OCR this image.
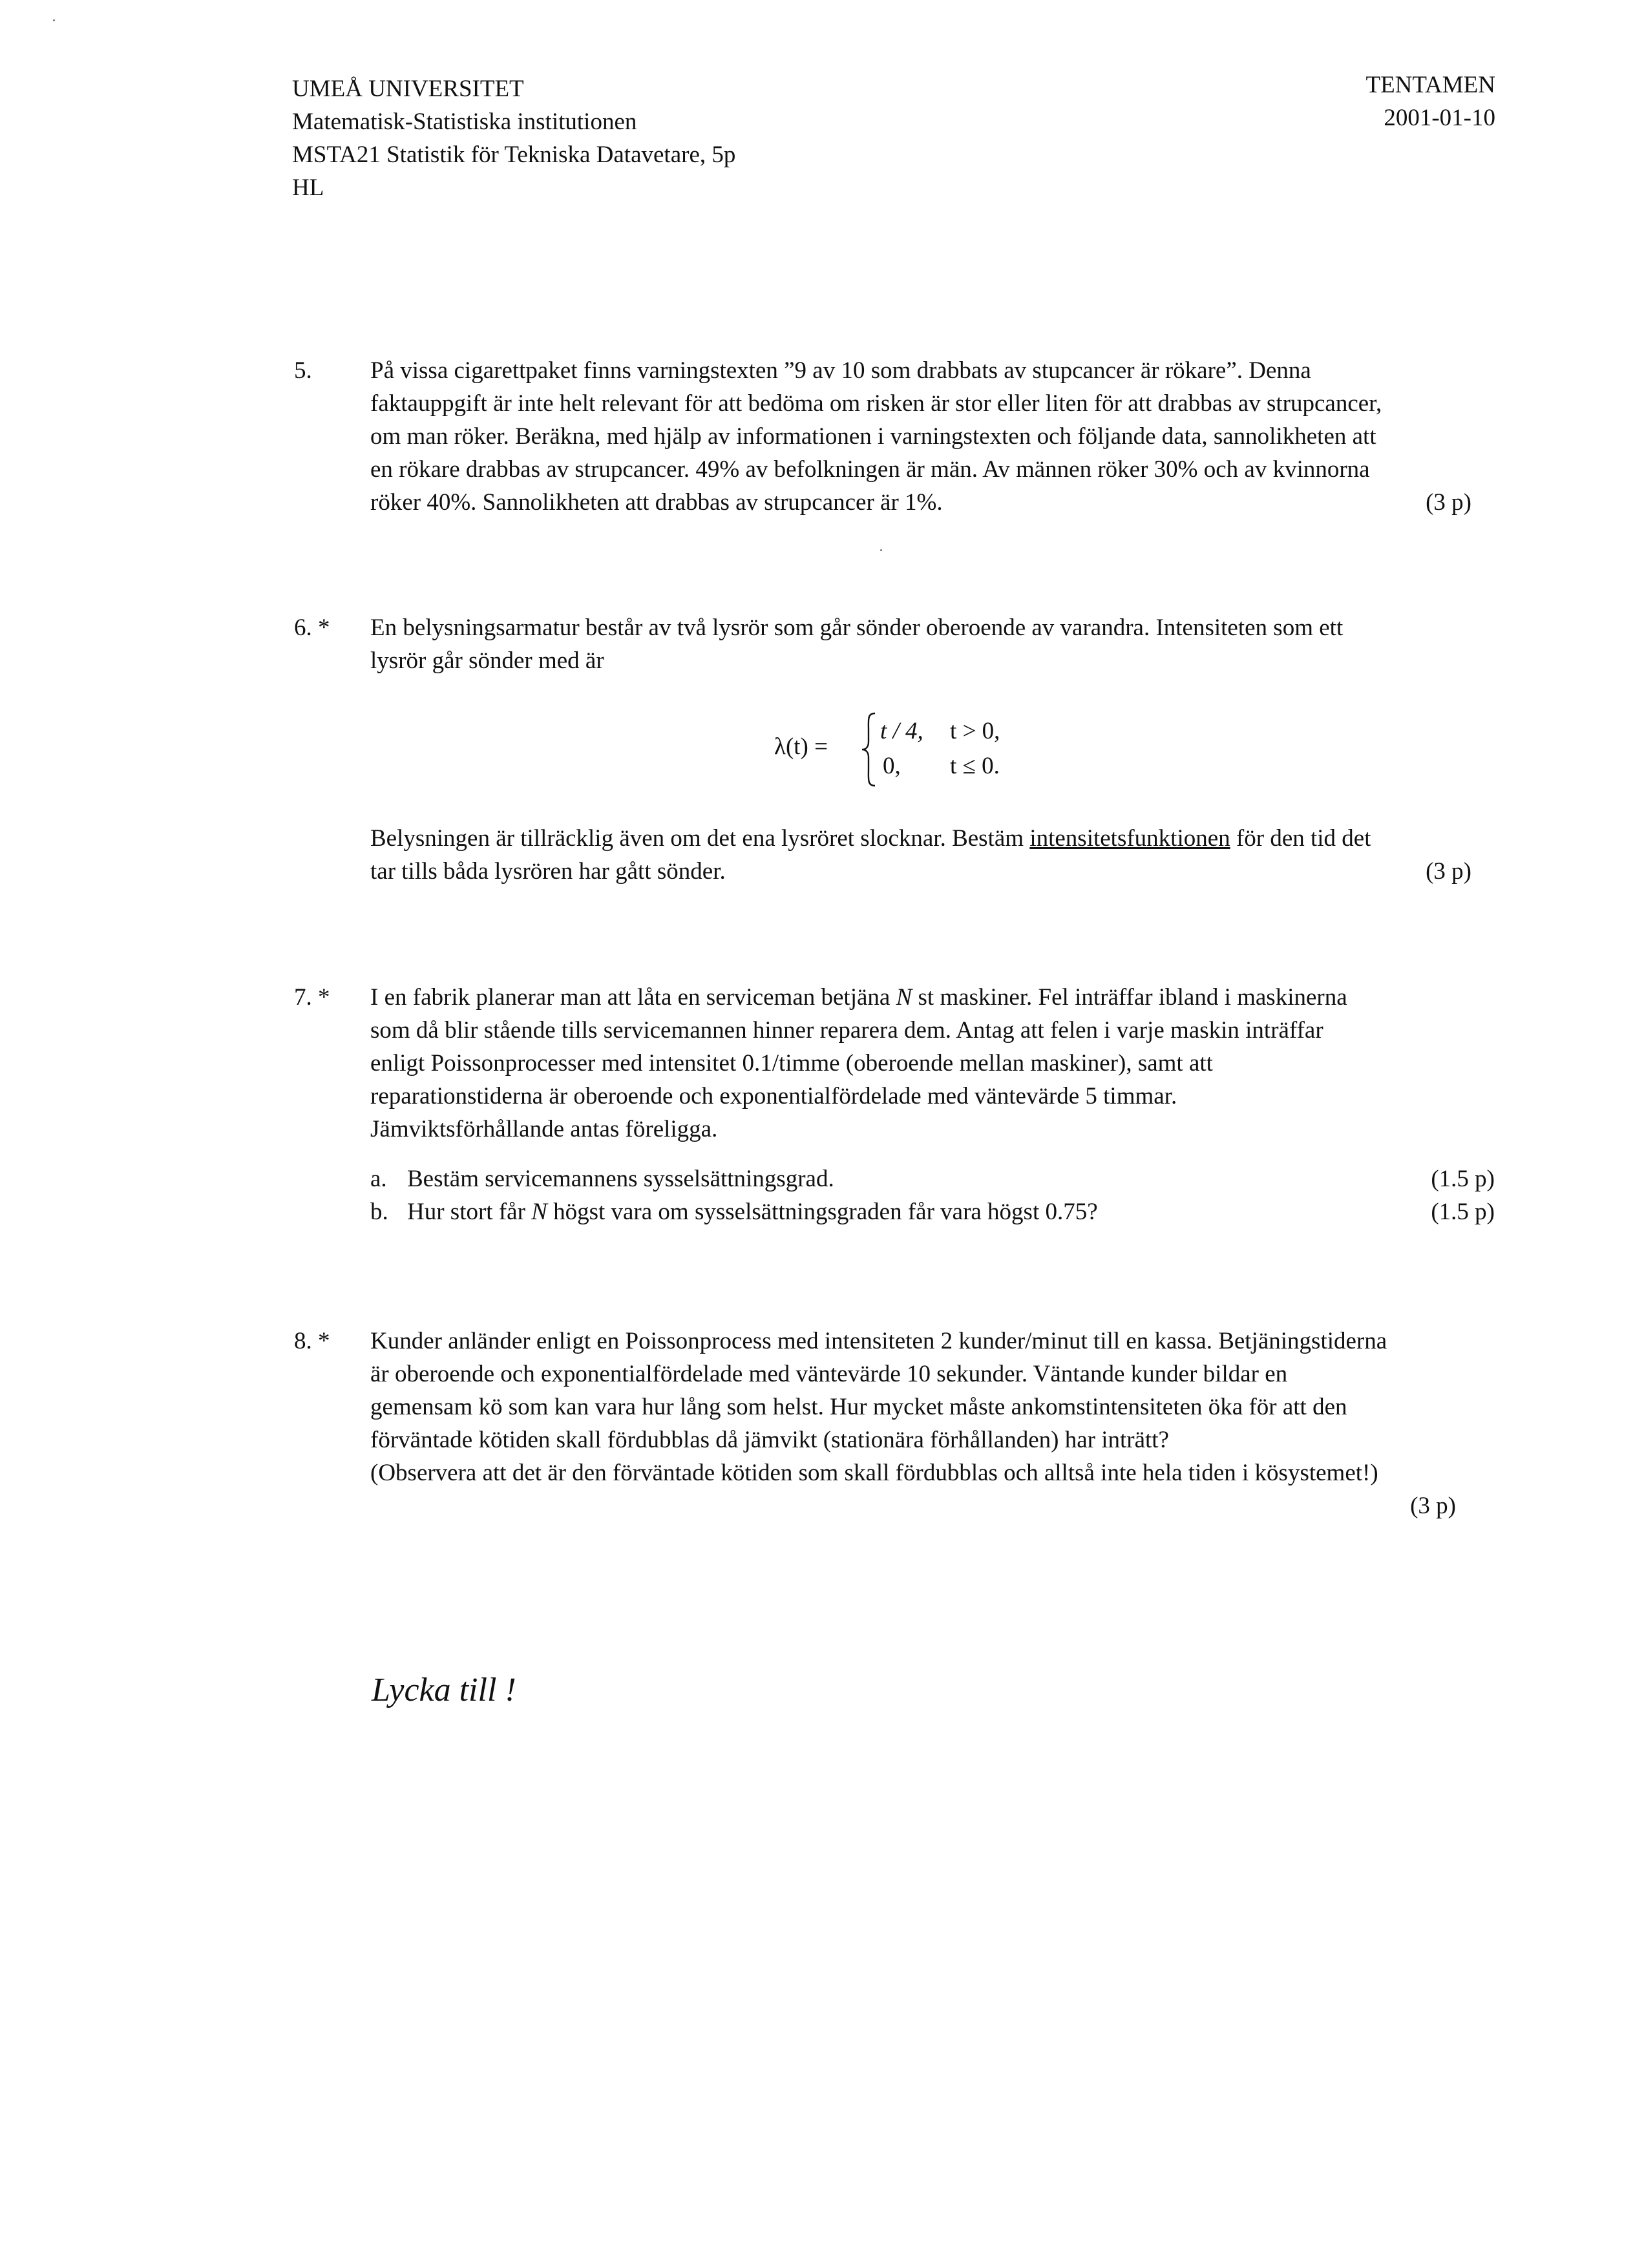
UMEÅ UNIVERSITET
Matematisk-Statistiska institutionen
MSTA21 Statistik för Tekniska Datavetare, 5p
HL
TENTAMEN
2001-01-10
5. På vissa cigarettpaket finns varningstexten ”9 av 10 som drabbats av stupcancer är rökare”. Denna
faktauppgift är inte helt relevant för att bedöma om risken är stor eller liten för att drabbas av strupcancer,
om man röker. Beräkna, med hjälp av informationen i varningstexten och följande data, sannolikheten att
en rökare drabbas av strupcancer. 49% av befolkningen är män. Av männen röker 30% och av kvinnorna
röker 40%. Sannolikheten att drabbas av strupcancer är 1%.	(3 p)
6. * En belysningsarmatur består av två lysrör som går sönder oberoende av varandra. Intensiteten som ett
lysrör går sönder med är
λ(t) =
t / 4, t > 0,
0, t ≤ 0.
Belysningen är tillräcklig även om det ena lysröret slocknar. Bestäm intensitetsfunktionen för den tid det
tar tills båda lysrören har gått sönder.	(3 p)
7. * I en fabrik planerar man att låta en serviceman betjäna N st maskiner. Fel inträffar ibland i maskinerna
som då blir stående tills servicemannen hinner reparera dem. Antag att felen i varje maskin inträffar
enligt Poissonprocesser med intensitet 0.1/timme (oberoende mellan maskiner), samt att
reparationstiderna är oberoende och exponentialfördelade med väntevärde 5 timmar.
Jämviktsförhållande antas föreligga.
a. Bestäm servicemannens sysselsättningsgrad.	(1.5 p)
b. Hur stort får N högst vara om sysselsättningsgraden får vara högst 0.75?	(1.5 p)
8. * Kunder anländer enligt en Poissonprocess med intensiteten 2 kunder/minut till en kassa. Betjäningstiderna
är oberoende och exponentialfördelade med väntevärde 10 sekunder. Väntande kunder bildar en
gemensam kö som kan vara hur lång som helst. Hur mycket måste ankomstintensiteten öka för att den
förväntade kötiden skall fördubblas då jämvikt (stationära förhållanden) har inträtt?
(Observera att det är den förväntade kötiden som skall fördubblas och alltså inte hela tiden i kösystemet!)
(3 p)
Lycka till !
